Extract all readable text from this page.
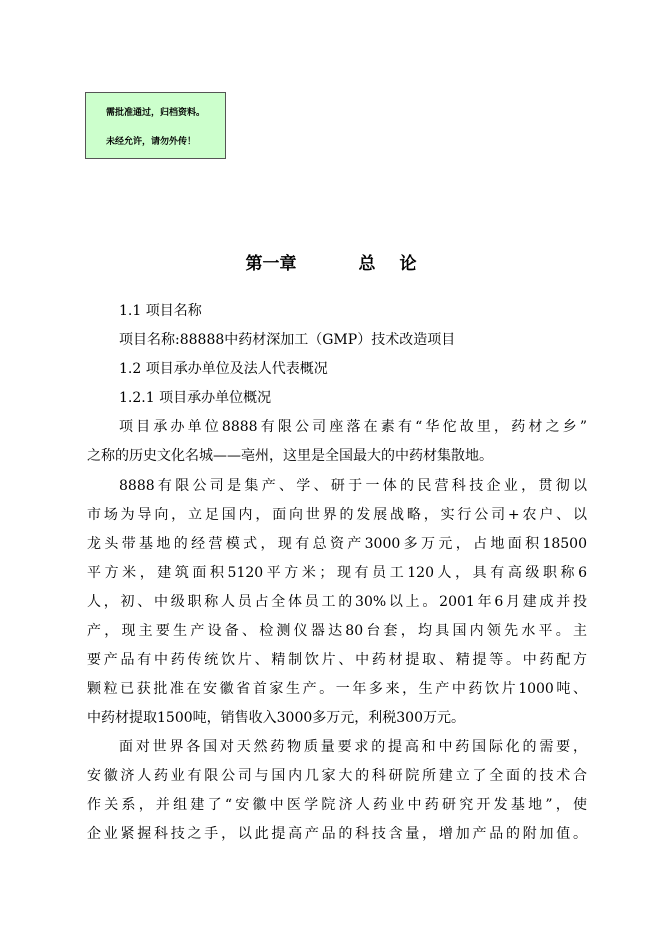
需批准通过，归档资料。
未经允许，请勿外传！
第一章	总论
1.1 项目名称
项目名称:88888中药材深加工（GMP）技术改造项目
1.2 项目承办单位及法人代表概况
1.2.1 项目承办单位概况
项目承办单位8888有限公司座落在素有“华佗故里，药材之乡”
之称的历史文化名城——亳州，这里是全国最大的中药材集散地。
8888有限公司是集产、学、研于一体的民营科技企业，贯彻以
市场为导向，立足国内，面向世界的发展战略，实行公司+农户、以
龙头带基地的经营模式，现有总资产3000多万元，占地面积18500
平方米，建筑面积5120平方米；现有员工120人，具有高级职称6
人，初、中级职称人员占全体员工的30%以上。2001年6月建成并投
产，现主要生产设备、检测仪器达80台套，均具国内领先水平。主
要产品有中药传统饮片、精制饮片、中药材提取、精提等。中药配方
颗粒已获批准在安徽省首家生产。一年多来，生产中药饮片1000吨、
中药材提取1500吨，销售收入3000多万元，利税300万元。
面对世界各国对天然药物质量要求的提高和中药国际化的需要，
安徽济人药业有限公司与国内几家大的科研院所建立了全面的技术合
作关系，并组建了“安徽中医学院济人药业中药研究开发基地”，使
企业紧握科技之手，以此提高产品的科技含量，增加产品的附加值。
